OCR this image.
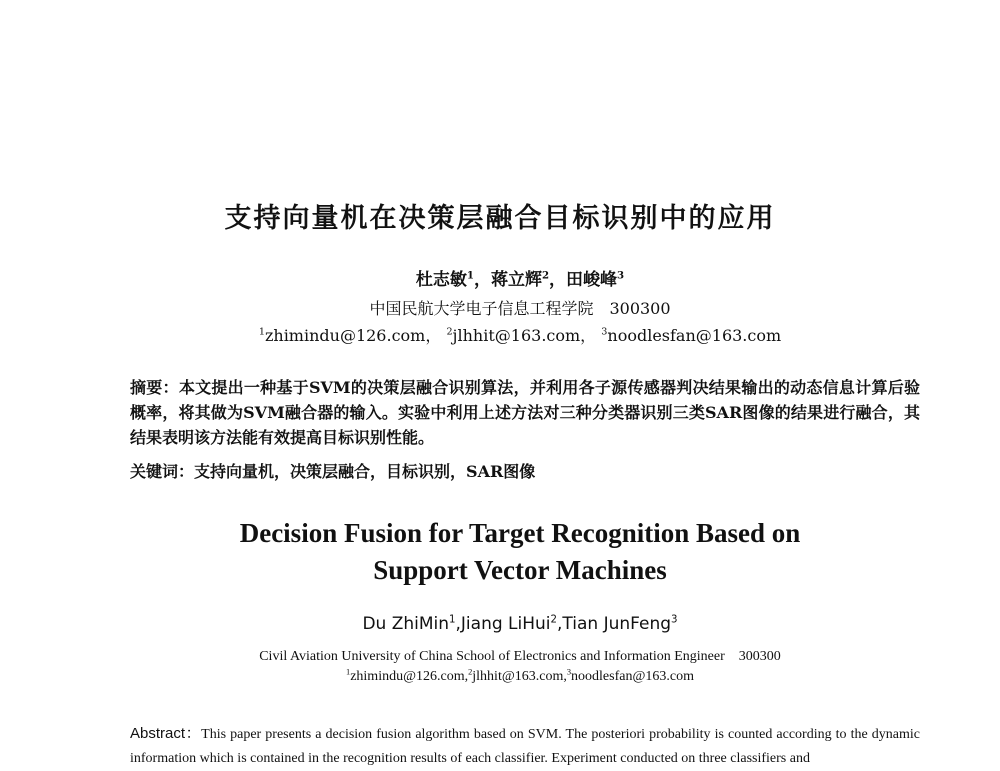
支持向量机在决策层融合目标识别中的应用
杜志敏$^1$，蒋立辉$^2$，田峻峰$^3$
中国民航大学电子信息工程学院　300300
$^1$zhimindu@126.com， $^2$jlhhit@163.com， $^3$noodlesfan@163.com
摘要：本文提出一种基于SVM的决策层融合识别算法，并利用各子源传感器判决结果输出的动态信息计算后验概率，将其做为SVM融合器的输入。实验中利用上述方法对三种分类器识别三类SAR图像的结果进行融合，其结果表明该方法能有效提高目标识别性能。
关键词：支持向量机，决策层融合，目标识别，SAR图像
Decision Fusion for Target Recognition Based on
Support Vector Machines
Du ZhiMin$^1$,Jiang LiHui$^2$,Tian JunFeng$^3$
Civil Aviation University of China School of Electronics and Information Engineer　300300
$^1$zhimindu@126.com,$^2$jlhhit@163.com,$^3$noodlesfan@163.com
Abstract：This paper presents a decision fusion algorithm based on SVM. The posteriori probability is counted according to the dynamic information which is contained in the recognition results of each classifier. Experiment conducted on three classifiers and
